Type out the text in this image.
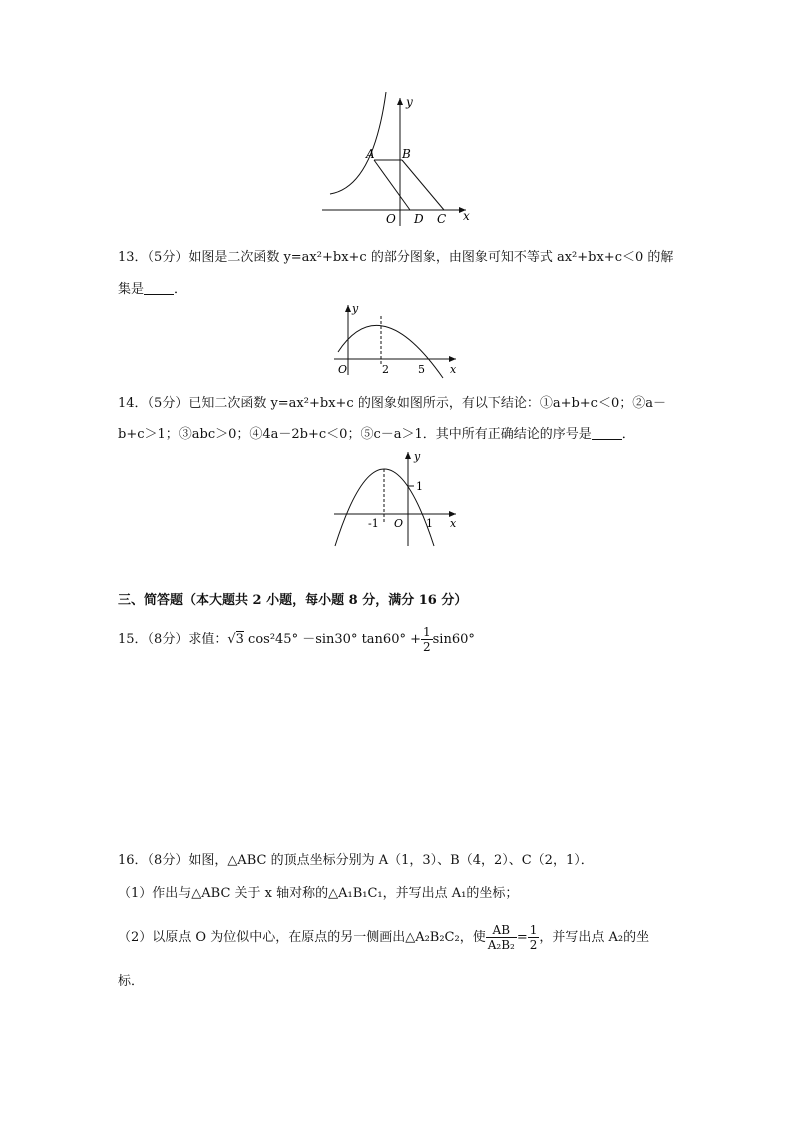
y
x
A B
O D C
13．（5分）如图是二次函数 y=ax²+bx+c 的部分图象，由图象可知不等式 ax²+bx+c＜0 的解
集是 ．
y
x
O	2	5
14．（5分）已知二次函数 y=ax²+bx+c 的图象如图所示，有以下结论：①a+b+c＜0；②a－
b+c＞1；③abc＞0；④4a－2b+c＜0；⑤c－a＞1．其中所有正确结论的序号是 ．
y
x
O
-1	1
1
三、简答题（本大题共 2 小题，每小题 8 分，满分 16 分）
15．（8分）求值：√3 cos²45° －sin30° $\tan 60^\circ + \frac{1}{2} \sin 60^\circ$
16．（8分）如图，△ABC 的顶点坐标分别为 A（1，3）、B（4，2）、C（2，1）．
（1）作出与△ABC 关于 x 轴对称的△A₁B₁C₁，并写出点 A₁的坐标；
（2）以原点 O 为位似中心，在原点的另一侧画出△A₂B₂C₂，使 $\frac{AB}{\text{A₂B₂}} = \frac{1}{2}$ ，并写出点 A₂的坐
标．
